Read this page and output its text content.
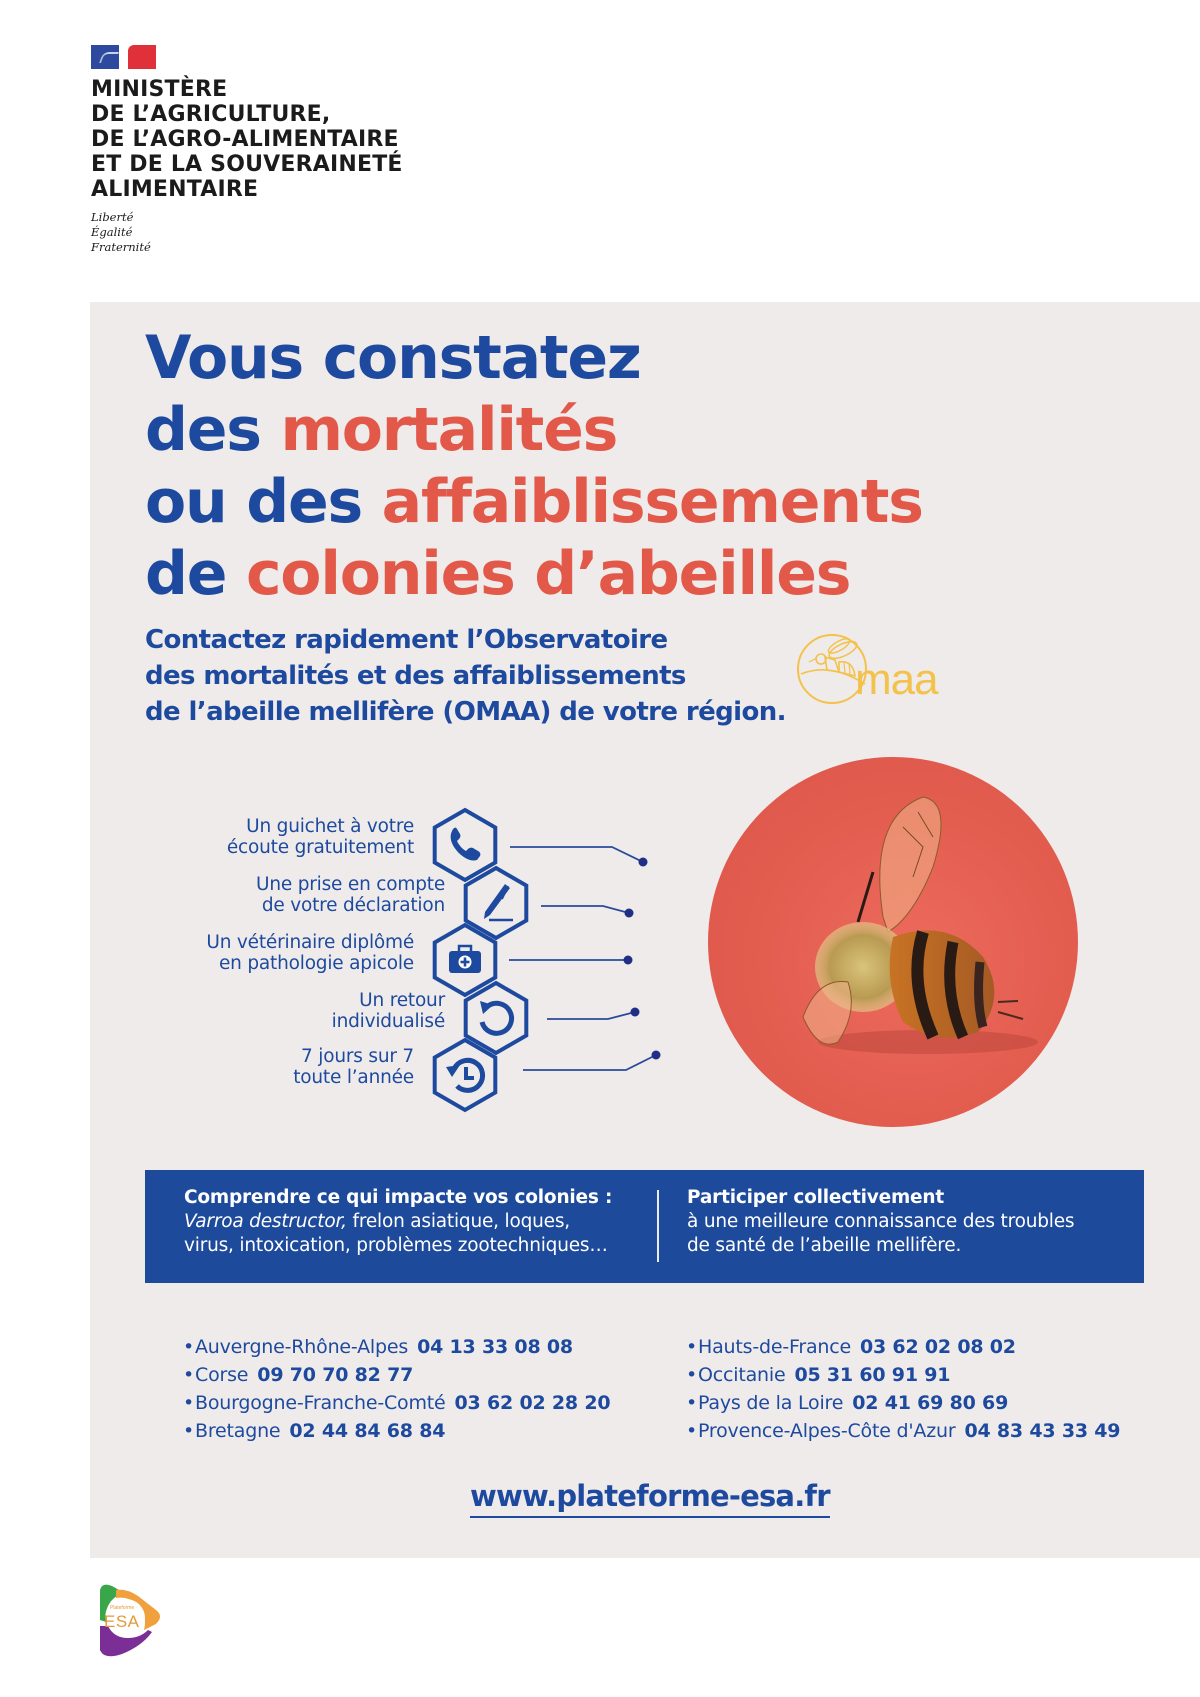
MINISTÈRE
DE L’AGRICULTURE,
DE L’AGRO-ALIMENTAIRE
ET DE LA SOUVERAINETÉ
ALIMENTAIRE
Liberté
Égalité
Fraternité
Vous constatez
des mortalités
ou des affaiblissements
de colonies d’abeilles
Contactez rapidement l’Observatoire
des mortalités et des affaiblissements
de l’abeille mellifère (OMAA) de votre région.
maa
Un guichet à votre
écoute gratuitement
Une prise en compte
de votre déclaration
Un vétérinaire diplômé
en pathologie apicole
Un retour
individualisé
7 jours sur 7
toute l’année
Comprendre ce qui impacte vos colonies :
Varroa destructor, frelon asiatique, loques,
virus, intoxication, problèmes zootechniques…
Participer collectivement
à une meilleure connaissance des troubles
de santé de l’abeille mellifère.
•Auvergne-Rhône-Alpes 04 13 33 08 08
•Corse 09 70 70 82 77
•Bourgogne-Franche-Comté 03 62 02 28 20
•Bretagne 02 44 84 68 84
•Hauts-de-France 03 62 02 08 02
•Occitanie 05 31 60 91 91
•Pays de la Loire 02 41 69 80 69
•Provence-Alpes-Côte d'Azur 04 83 43 33 49
www.plateforme-esa.fr
Plateforme
ESA
